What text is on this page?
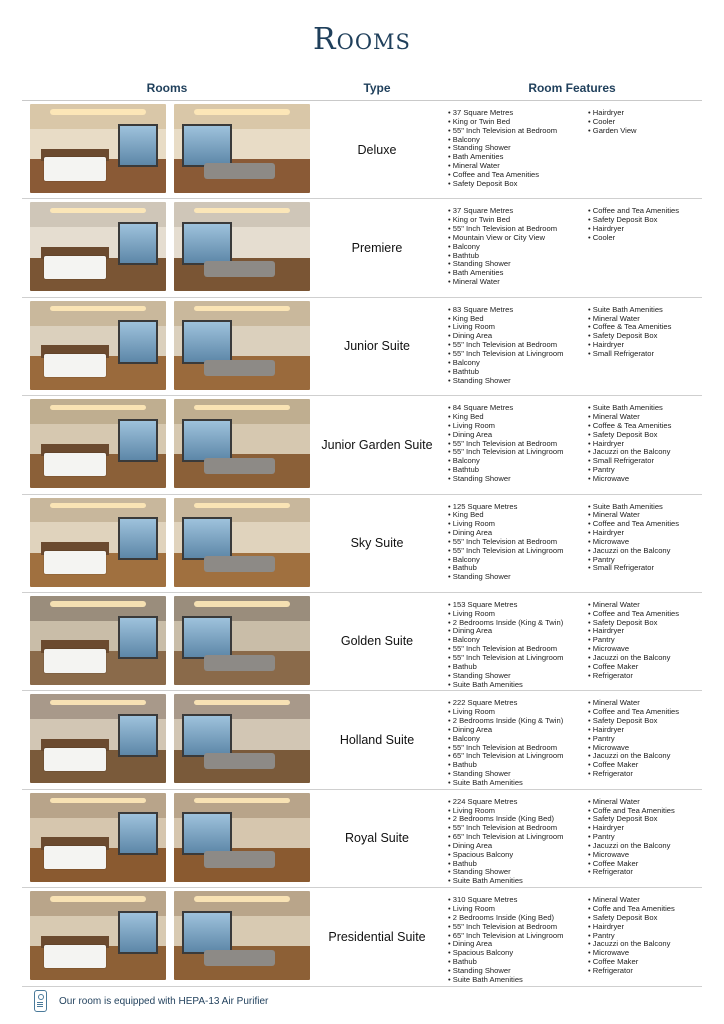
Rooms
Rooms	Type	Room Features
Deluxe
• 37 Square Metres
• King or Twin Bed
• 55" Inch Television at Bedroom
• Balcony
• Standing Shower
• Bath Amenities
• Mineral Water
• Coffee and Tea Amenities
• Safety Deposit Box
• Hairdryer
• Cooler
• Garden View
Premiere
• 37 Square Metres
• King or Twin Bed
• 55" Inch Television at Bedroom
• Mountain View or City View
• Balcony
• Bathtub
• Standing Shower
• Bath Amenities
• Mineral Water
• Coffee and Tea Amenities
• Safety Deposit Box
• Hairdryer
• Cooler
Junior Suite
• 83 Square Metres
• King Bed
• Living Room
• Dining Area
• 55" Inch Television at Bedroom
• 55" Inch Television at Livingroom
• Balcony
• Bathtub
• Standing Shower
• Suite Bath Amenities
• Mineral Water
• Coffee & Tea Amenities
• Safety Deposit Box
• Hairdryer
• Small Refrigerator
Junior Garden Suite
• 84 Square Metres
• King Bed
• Living Room
• Dining Area
• 55" Inch Television at Bedroom
• 55" Inch Television at Livingroom
• Balcony
• Bathtub
• Standing Shower
• Suite Bath Amenities
• Mineral Water
• Coffee & Tea Amenities
• Safety Deposit Box
• Hairdryer
• Jacuzzi on the Balcony
• Small Refrigerator
• Pantry
• Microwave
Sky Suite
• 125 Square Metres
• King Bed
• Living Room
• Dining Area
• 55" Inch Television at Bedroom
• 55" Inch Television at Livingroom
• Balcony
• Bathub
• Standing Shower
• Suite Bath Amenities
• Mineral Water
• Coffee and Tea Amenities
• Hairdryer
• Microwave
• Jacuzzi on the Balcony
• Pantry
• Small Refrigerator
Golden Suite
• 153 Square Metres
• Living Room
• 2 Bedrooms Inside (King & Twin)
• Dining Area
• Balcony
• 55" Inch Television at Bedroom
• 55" Inch Television at Livingroom
• Bathub
• Standing Shower
• Suite Bath Amenities
• Mineral Water
• Coffee and Tea Amenities
• Safety Deposit Box
• Hairdryer
• Pantry
• Microwave
• Jacuzzi on the Balcony
• Coffee Maker
• Refrigerator
Holland Suite
• 222 Square Metres
• Living Room
• 2 Bedrooms Inside (King & Twin)
• Dining Area
• Balcony
• 55" Inch Television at Bedroom
• 65" Inch Television at Livingroom
• Bathub
• Standing Shower
• Suite Bath Amenities
• Mineral Water
• Coffee and Tea Amenities
• Safety Deposit Box
• Hairdryer
• Pantry
• Microwave
• Jacuzzi on the Balcony
• Coffee Maker
• Refrigerator
Royal Suite
• 224 Square Metres
• Living Room
• 2 Bedrooms Inside (King Bed)
• 55" Inch Television at Bedroom
• 65" Inch Television at Livingroom
• Dining Area
• Spacious Balcony
• Bathub
• Standing Shower
• Suite Bath Amenities
• Mineral Water
• Coffe and Tea Amenities
• Safety Deposit Box
• Hairdryer
• Pantry
• Jacuzzi on the Balcony
• Microwave
• Coffee Maker
• Refrigerator
Presidential Suite
• 310 Square Metres
• Living Room
• 2 Bedrooms Inside (King Bed)
• 55" Inch Television at Bedroom
• 65" Inch Television at Livingroom
• Dining Area
• Spacious Balcony
• Bathub
• Standing Shower
• Suite Bath Amenities
• Mineral Water
• Coffe and Tea Amenities
• Safety Deposit Box
• Hairdryer
• Pantry
• Jacuzzi on the Balcony
• Microwave
• Coffee Maker
• Refrigerator
Our room is equipped with HEPA-13 Air Purifier
